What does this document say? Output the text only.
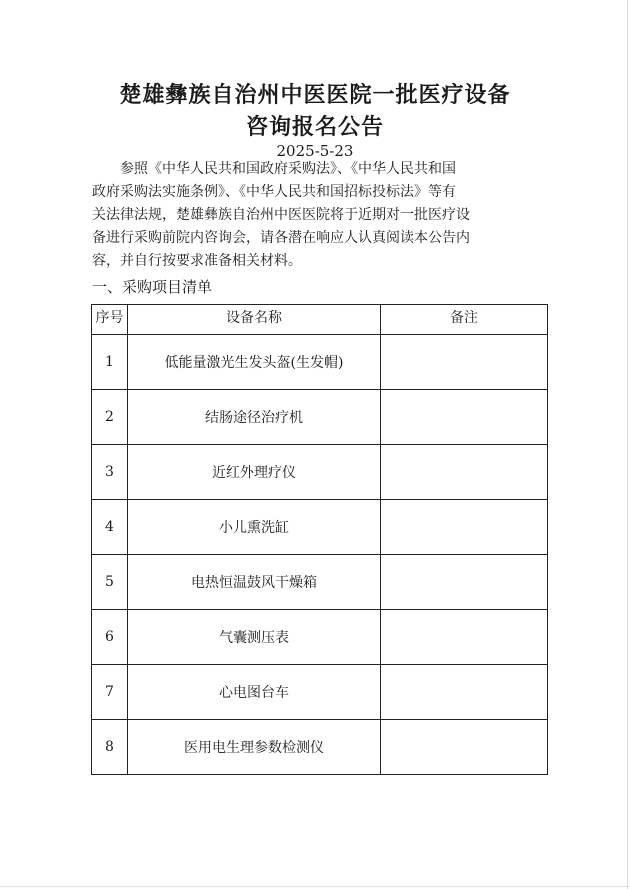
楚雄彝族自治州中医医院一批医疗设备
咨询报名公告
2025-5-23
参照《中华人民共和国政府采购法》、《中华人民共和国
政府采购法实施条例》、《中华人民共和国招标投标法》等有
关法律法规，楚雄彝族自治州中医医院将于近期对一批医疗设
备进行采购前院内咨询会，请各潜在响应人认真阅读本公告内
容，并自行按要求准备相关材料。
一、采购项目清单
序号	设备名称	备注
1	低能量激光生发头盔(生发帽)	
2	结肠途径治疗机	
3	近红外理疗仪	
4	小儿熏洗缸	
5	电热恒温鼓风干燥箱	
6	气囊测压表	
7	心电图台车	
8	医用电生理参数检测仪	
